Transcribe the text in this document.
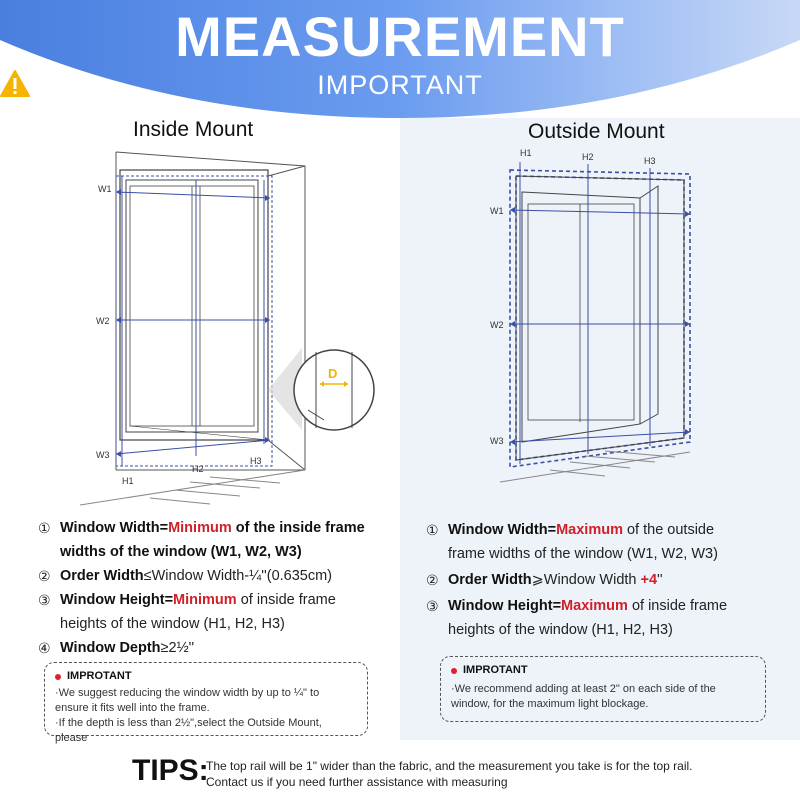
MEASUREMENT
IMPORTANT
Inside Mount
W1
W2
W3
H1
H2
H3
D
Outside Mount
W1
W2
W3
H1	H2	H3
① Window Width=Minimum of the inside frame
widths of the window (W1, W2, W3)
② Order Width≤Window Width-¼''(0.635cm)
③ Window Height=Minimum of inside frame
heights of the window (H1, H2, H3)
④ Window Depth≥2½''
IMPROTANT
·We suggest reducing the window width by up to ¼" to
ensure it fits well into the frame.
·If the depth is less than 2½",select the Outside Mount, please
① Window Width=Maximum of the outside
frame widths of the window (W1, W2, W3)
② Order Width⩾Window Width +4''
③ Window Height=Maximum of inside frame
heights of the window (H1, H2, H3)
IMPROTANT
·We recommend adding at least 2" on each side of the
window, for the maximum light blockage.
TIPS:
The top rail will be 1" wider than the fabric, and the measurement you take is for the top rail.
Contact us if you need further assistance with measuring
